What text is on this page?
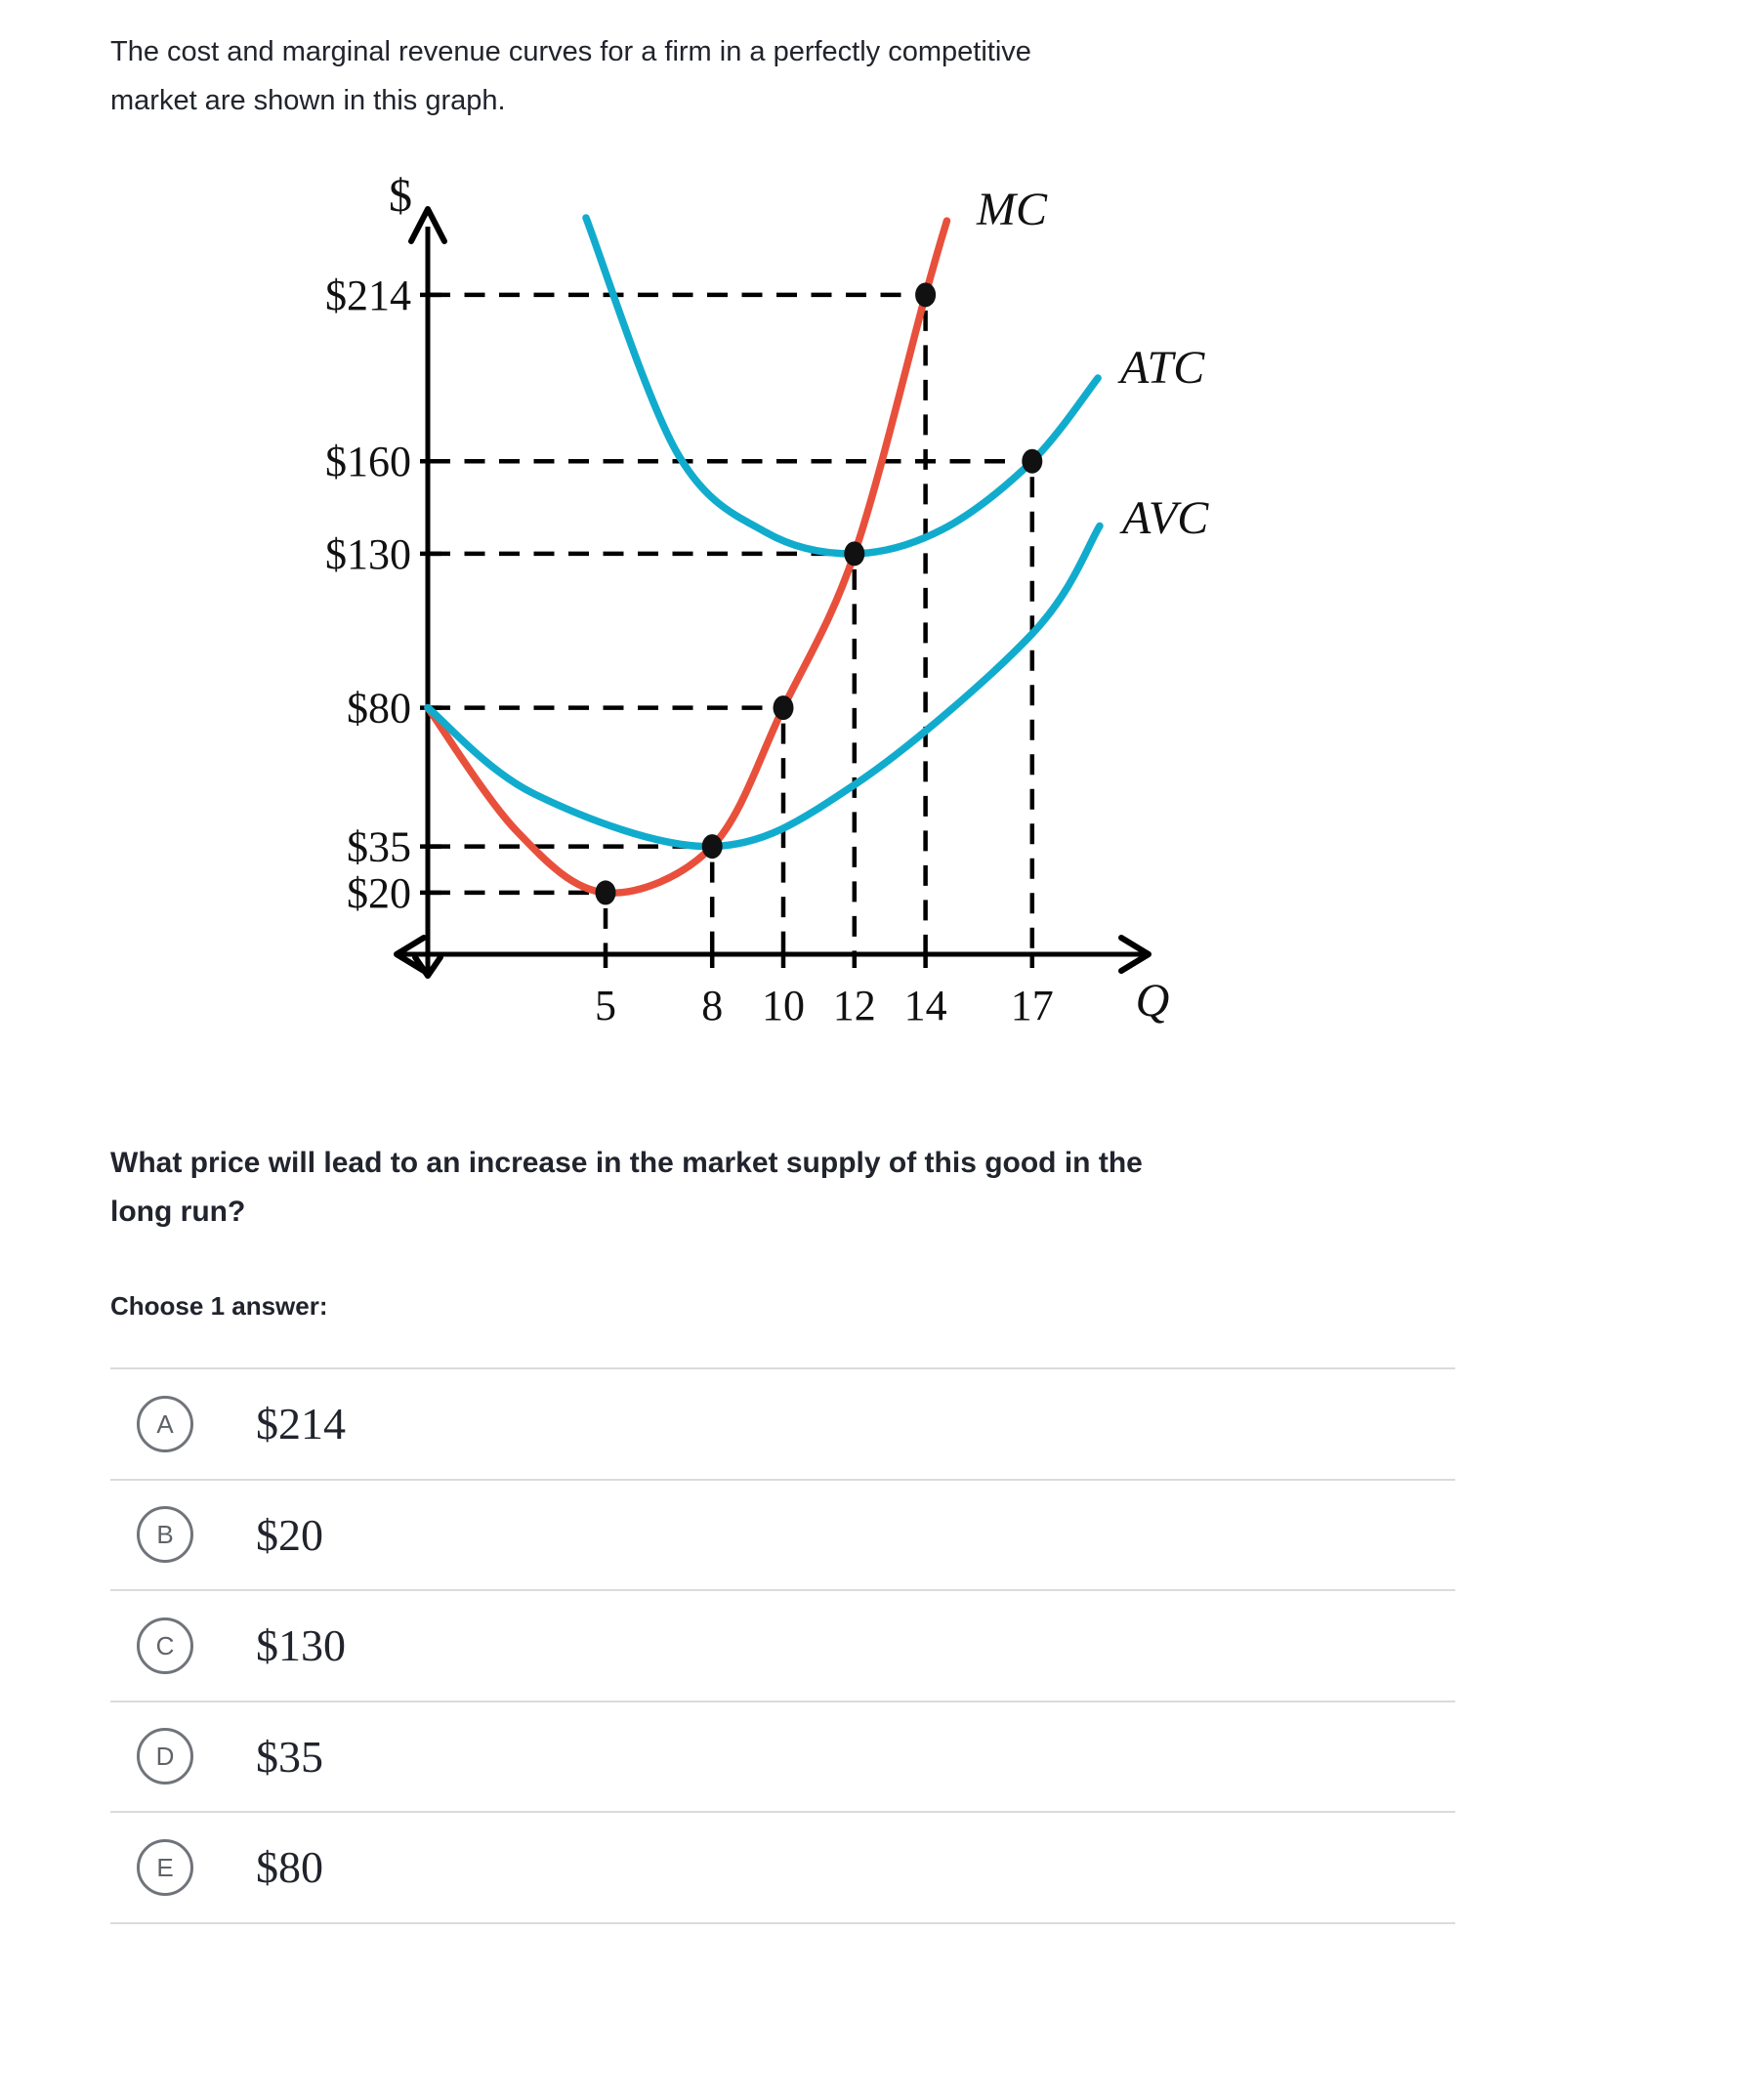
The cost and marginal revenue curves for a firm in a perfectly competitive
market are shown in this graph.
$20
5
$35
8
$80
10
$130
12
$214
14
$160
17
MC
ATC
AVC
$
Q
What price will lead to an increase in the market supply of this good in the
long run?
Choose 1 answer:
A $214
B $20
C $130
D $35
E $80
